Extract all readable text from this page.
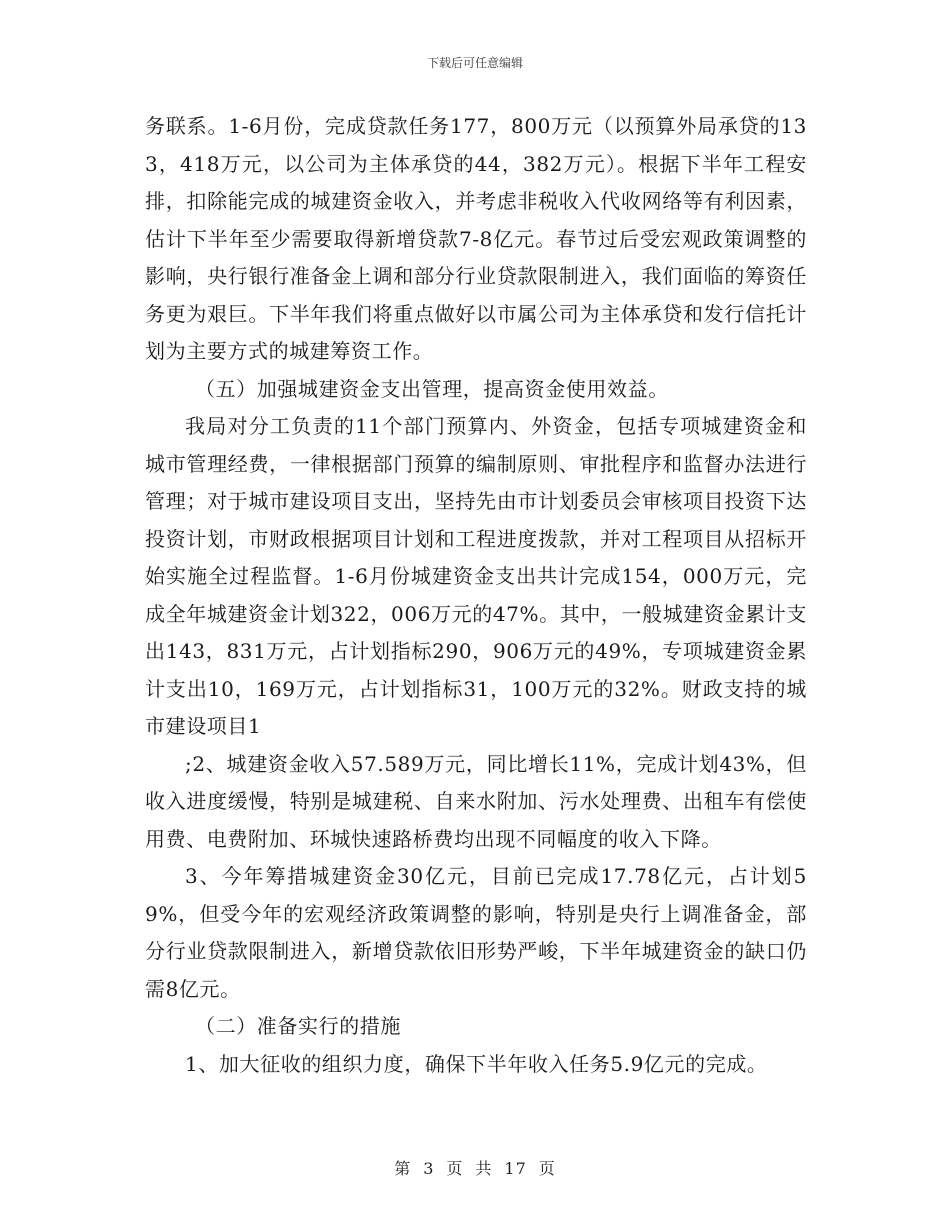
下载后可任意编辑

务联系。1-6月份，完成贷款任务177，800万元（以预算外局承贷的133，418万元，以公司为主体承贷的44，382万元）。根据下半年工程安排，扣除能完成的城建资金收入，并考虑非税收入代收网络等有利因素，估计下半年至少需要取得新增贷款7-8亿元。春节过后受宏观政策调整的影响，央行银行准备金上调和部分行业贷款限制进入，我们面临的筹资任务更为艰巨。下半年我们将重点做好以市属公司为主体承贷和发行信托计划为主要方式的城建筹资工作。

（五）加强城建资金支出管理，提高资金使用效益。

我局对分工负责的11个部门预算内、外资金，包括专项城建资金和城市管理经费，一律根据部门预算的编制原则、审批程序和监督办法进行管理；对于城市建设项目支出，坚持先由市计划委员会审核项目投资下达投资计划，市财政根据项目计划和工程进度拨款，并对工程项目从招标开始实施全过程监督。1-6月份城建资金支出共计完成154，000万元，完成全年城建资金计划322，006万元的47%。其中，一般城建资金累计支出143，831万元，占计划指标290，906万元的49%，专项城建资金累计支出10，169万元，占计划指标31，100万元的32%。财政支持的城市建设项目1

;2、城建资金收入57.589万元，同比增长11%，完成计划43%，但收入进度缓慢，特别是城建税、自来水附加、污水处理费、出租车有偿使用费、电费附加、环城快速路桥费均出现不同幅度的收入下降。

3、今年筹措城建资金30亿元，目前已完成17.78亿元，占计划59%，但受今年的宏观经济政策调整的影响，特别是央行上调准备金，部分行业贷款限制进入，新增贷款依旧形势严峻，下半年城建资金的缺口仍需8亿元。

（二）准备实行的措施

1、加大征收的组织力度，确保下半年收入任务5.9亿元的完成。

第 3 页 共 17 页
